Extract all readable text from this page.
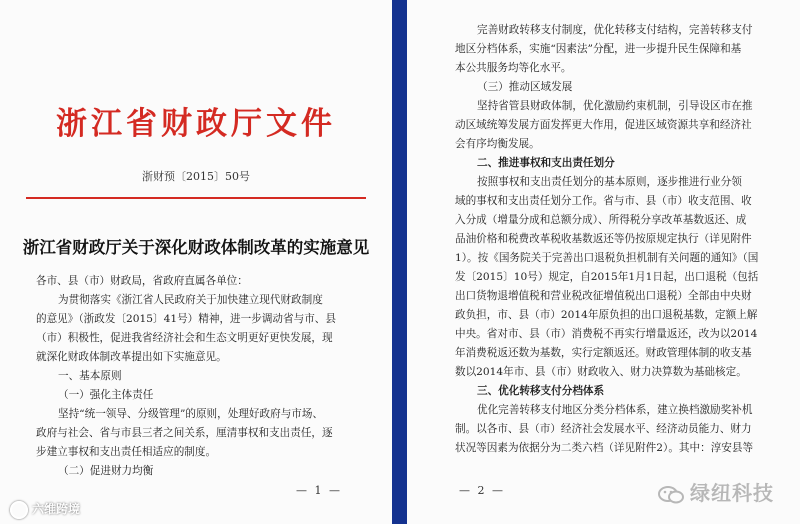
浙江省财政厅文件
浙财预〔2015〕50号
浙江省财政厅关于深化财政体制改革的实施意见
各市、县（市）财政局，省政府直属各单位：
为贯彻落实《浙江省人民政府关于加快建立现代财政制度
的意见》（浙政发〔2015〕41号）精神，进一步调动省与市、县
（市）积极性，促进我省经济社会和生态文明更好更快发展，现
就深化财政体制改革提出如下实施意见。
一、基本原则
（一）强化主体责任
坚持“统一领导、分级管理”的原则，处理好政府与市场、
政府与社会、省与市县三者之间关系，厘清事权和支出责任，逐
步建立事权和支出责任相适应的制度。
（二）促进财力均衡
— 1 —
六维跨境
完善财政转移支付制度，优化转移支付结构，完善转移支付
地区分档体系，实施“因素法”分配，进一步提升民生保障和基
本公共服务均等化水平。
（三）推动区域发展
坚持省管县财政体制，优化激励约束机制，引导设区市在推
动区域统筹发展方面发挥更大作用，促进区域资源共享和经济社
会有序均衡发展。
二、推进事权和支出责任划分
按照事权和支出责任划分的基本原则，逐步推进行业分领
域的事权和支出责任划分工作。省与市、县（市）收支范围、收
入分成（增量分成和总额分成）、所得税分享改革基数返还、成
品油价格和税费改革税收基数返还等仍按原规定执行（详见附件
1）。按《国务院关于完善出口退税负担机制有关问题的通知》（国
发〔2015〕10号）规定，自2015年1月1日起，出口退税（包括
出口货物退增值税和营业税改征增值税出口退税）全部由中央财
政负担，市、县（市）2014年原负担的出口退税基数，定额上解
中央。省对市、县（市）消费税不再实行增量返还，改为以2014
年消费税返还数为基数，实行定额返还。财政管理体制的收支基
数以2014年市、县（市）财政收入、财力决算数为基础核定。
三、优化转移支付分档体系
优化完善转移支付地区分类分档体系，建立换档激励奖补机
制。以各市、县（市）经济社会发展水平、经济动员能力、财力
状况等因素为依据分为二类六档（详见附件2）。其中：淳安县等
— 2 —	绿纽科技
